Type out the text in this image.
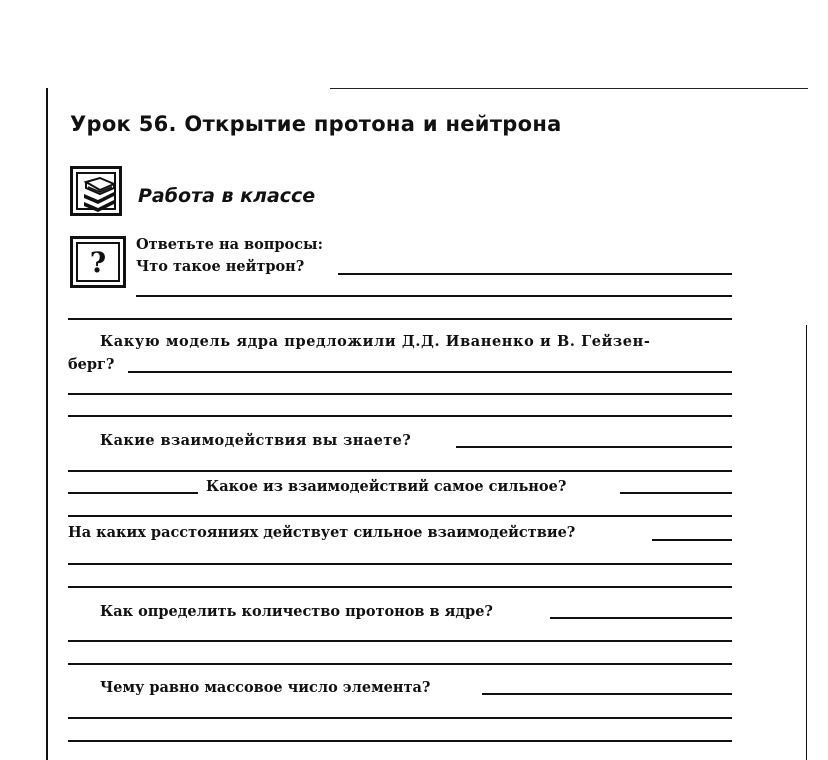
Урок 56. Открытие протона и нейтрона
Работа в классе
?
Ответьте на вопросы:
Что такое нейтрон?
Какую модель ядра предложили Д.Д. Иваненко и В. Гейзен-
берг?
Какие взаимодействия вы знаете?
Какое из взаимодействий самое сильное?
На каких расстояниях действует сильное взаимодействие?
Как определить количество протонов в ядре?
Чему равно массовое число элемента?
